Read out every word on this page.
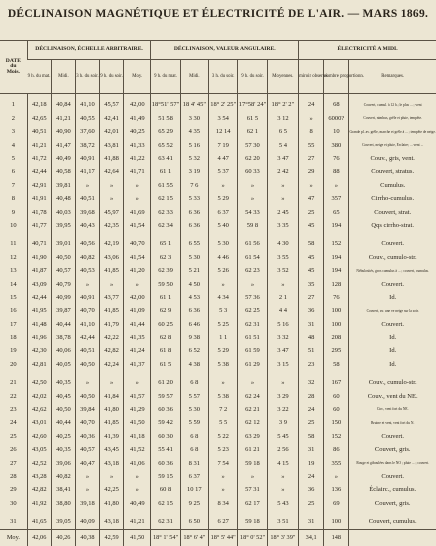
DÉCLINAISON MAGNÉTIQUE ET ÉLECTRICITÉ DE L'AIR. — MARS 1869.
DATE
du
Mois.	DÉCLINAISON, ÉCHELLE ARBITRAIRE.					DÉCLINAISON, VALEUR ANGULAIRE.					ÉLECTRICITÉ A MIDI.		
	9 h. du mat.	Midi.	3 h. du soir.	9 h. du soir.	Moy.	9 h. du mat.	Midi.	3 h. du soir.	9 h. du soir.	Moyennes.	miroir observé.	nombre proportionn.	Remarques.

1	42,18	40,84	41,10	45,57	42,00	18°51' 57"	18 4' 45"	18° 2' 25"	17°58' 24"	18° 2' 2"	24	68	Couvert, cumul. à 12 h.; le plus ... ; vent
2	42,65	41,21	40,55	42,41	41,49	51 58	3 30	3 54	61 5	3 12	»	6000?	Couvert, nimbus, grêle et pluie, tempête.
3	40,51	40,90	37,60	42,01	40,25	65 29	4 35	12 14	62 1	6 5	8	10	Grande pl. av. grêle, marche et grêle à ... ; tempête de neige.
4	41,21	41,47	38,72	43,81	41,33	65 52	5 16	7 19	57 30	5 4	55	380	Couvert, neige et pluie, Erclaire; ... vent ...
5	41,72	40,49	40,91	41,88	41,22	63 41	5 32	4 47	62 20	3 47	27	76	Couv., gris, vent.
6	42,44	40,58	41,17	42,64	41,71	61 1	3 19	5 37	60 33	2 42	29	88	Couvert, stratus.
7	42,91	39,81	»	»	»	61 55	7 6	»	»	»	»	»	Cumulus.
8	41,91	40,48	40,51	»	»	62 15	5 33	5 29	»	»	47	357	Cirrho-cumulus.
9	41,78	40,03	39,68	45,97	41,69	62 33	6 36	6 37	54 33	2 45	25	65	Couvert, strat.
10	41,77	39,95	40,43	42,35	41,54	62 34	6 36	5 40	59 8	3 35	45	194	Qqs cirrho-strat.

11	40,71	39,01	40,56	42,19	40,70	65 1	6 55	5 30	61 56	4 30	58	152	Couvert.
12	41,90	40,50	40,82	43,06	41,54	62 3	5 30	4 46	61 54	3 55	45	194	Couv., cumulo-str.
13	41,87	40,57	40,53	41,85	41,20	62 39	5 21	5 26	62 23	3 52	45	194	Nébulosités, gros cumulus à ... ; couvert, cumulus.
14	43,09	40,79	»	»	»	59 50	4 50	»	»	»	35	128	Couvert.
15	42,44	40,99	40,91	43,77	42,00	61 1	4 53	4 34	57 36	2 1	27	76	Id.
16	41,95	39,87	40,70	41,85	41,09	62 9	6 36	5 3	62 25	4 4	36	100	Couvert, av. une ve neige sur la soir.
17	41,48	40,44	41,10	41,79	41,44	60 25	6 46	5 25	62 31	5 16	31	100	Couvert.
18	41,96	38,78	42,44	42,22	41,35	62 8	9 38	1 1	61 51	3 32	48	208	Id.
19	42,30	40,06	40,51	42,82	41,24	61 8	6 52	5 29	61 59	3 47	51	295	Id.
20	42,81	40,05	40,50	42,24	41,37	61 5	4 38	5 38	61 29	3 15	23	58	Id.

21	42,50	40,35	»	»	»	61 20	6 8	»	»	»	32	167	Couv., cumulo-str.
22	42,02	40,45	40,50	41,84	41,57	59 57	5 57	5 38	62 24	3 29	28	60	Couv., vent du NE.
23	42,62	40,50	39,84	41,80	41,29	60 36	5 30	7 2	62 21	3 22	24	60	Cirr., vent fort du NE.
24	43,01	40,44	40,70	41,85	41,50	59 42	5 59	5 5	62 12	3 9	25	150	Bruine et vent, vent fort du N.
25	42,60	40,25	40,36	41,39	41,18	60 30	6 8	5 22	63 29	5 45	58	152	Couvert.
26	43,05	40,35	40,57	43,45	41,52	55 41	6 8	5 23	61 21	2 56	31	86	Couvert, gris.
27	42,52	39,06	40,47	43,18	41,06	60 36	8 31	7 54	59 18	4 15	19	355	Rouge et giboulées dans le NO ; pluie ... ; couvert.
28	43,28	40,82	»	»	»	59 15	6 37	»	»	»	24	»	Couvert.
29	42,82	38,41	»	42,25	»	60 8	10 17	»	57 31	»	36	136	Éclairc., cumulus.
30	41,92	38,80	39,18	41,80	40,49	62 15	9 25	8 34	62 17	5 43	25	69	Couvert, gris.

31	41,65	39,05	40,09	43,18	41,21	62 31	6 50	6 27	59 18	3 51	31	100	Couvert, cumulus.
Moy.	42,06	40,26	40,38	42,59	41,50	18° 1' 54"	18° 6' 4"	18° 5' 44"	18° 0' 52"	18° 3' 39"	34,1	148	
